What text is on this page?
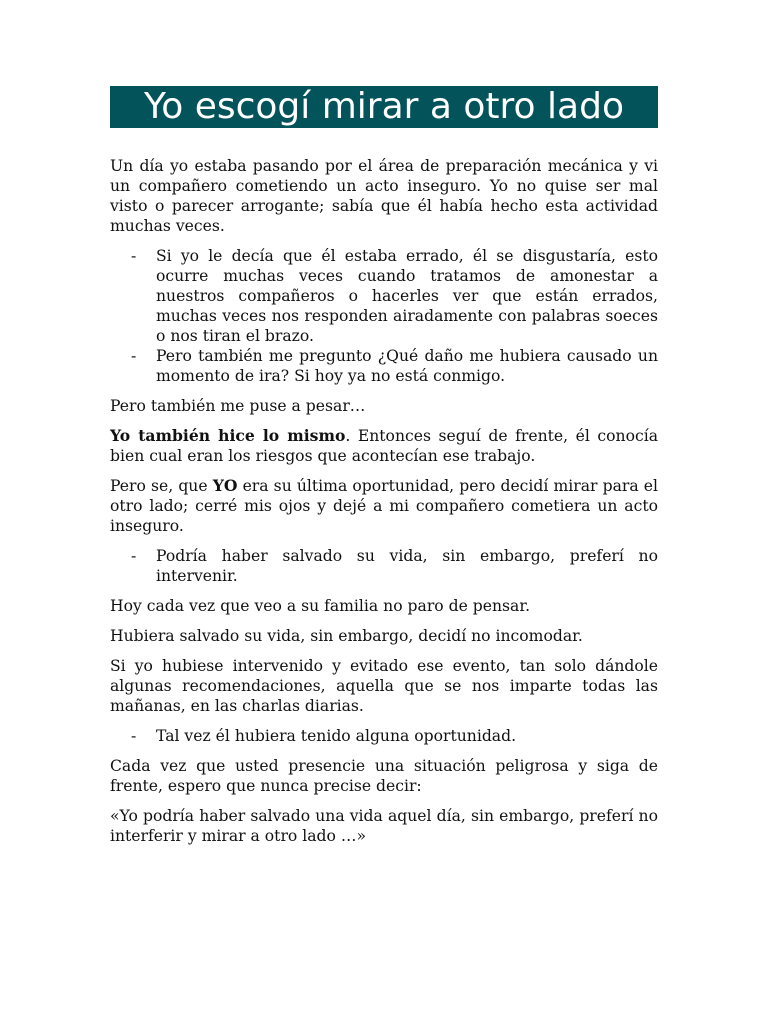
Yo escogí mirar a otro lado

Un día yo estaba pasando por el área de preparación mecánica y vi un compañero cometiendo un acto inseguro. Yo no quise ser mal visto o parecer arrogante; sabía que él había hecho esta actividad muchas veces.

- Si yo le decía que él estaba errado, él se disgustaría, esto ocurre muchas veces cuando tratamos de amonestar a nuestros compañeros o hacerles ver que están errados, muchas veces nos responden airadamente con palabras soeces o nos tiran el brazo.
- Pero también me pregunto ¿Qué daño me hubiera causado un momento de ira? Si hoy ya no está conmigo.

Pero también me puse a pesar…

Yo también hice lo mismo. Entonces seguí de frente, él conocía bien cual eran los riesgos que acontecían ese trabajo.

Pero se, que YO era su última oportunidad, pero decidí mirar para el otro lado; cerré mis ojos y dejé a mi compañero cometiera un acto inseguro.

- Podría haber salvado su vida, sin embargo, preferí no intervenir.

Hoy cada vez que veo a su familia no paro de pensar.

Hubiera salvado su vida, sin embargo, decidí no incomodar.

Si yo hubiese intervenido y evitado ese evento, tan solo dándole algunas recomendaciones, aquella que se nos imparte todas las mañanas, en las charlas diarias.

- Tal vez él hubiera tenido alguna oportunidad.

Cada vez que usted presencie una situación peligrosa y siga de frente, espero que nunca precise decir:

«Yo podría haber salvado una vida aquel día, sin embargo, preferí no interferir y mirar a otro lado …»
